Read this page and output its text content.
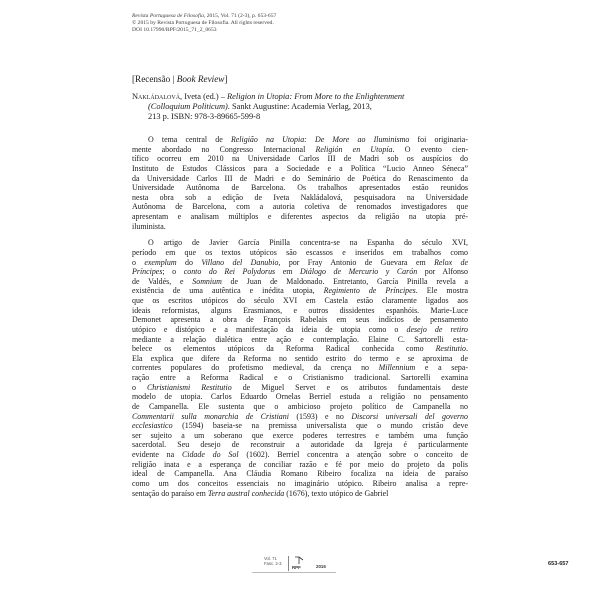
Revista Portuguesa de Filosofia, 2015, Vol. 71 (2-3), p. 653-657
© 2015 by Revista Portuguesa de Filosofia. All rights reserved.
DOI 10.17990/RPF/2015_71_2_0653
[Recensão | Book Review]
Nakládalová, Iveta (ed.) – Religion in Utopia: From More to the Enlightenment
(Colloquium Politicum). Sankt Augustine: Academia Verlag, 2013,
213 p. ISBN: 978-3-89665-599-8

O tema central de Religião na Utopia: De More ao Iluminismo foi originaria-
mente abordado no Congresso Internacional Religión en Utopía. O evento cien-
tífico ocorreu em 2010 na Universidade Carlos III de Madri sob os auspícios do
Instituto de Estudos Clássicos para a Sociedade e a Política “Lucio Anneo Séneca”
da Universidade Carlos III de Madri e do Seminário de Poética do Renascimento da
Universidade Autônoma de Barcelona. Os trabalhos apresentados estão reunidos
nesta obra sob a edição de Iveta Nakládalová, pesquisadora na Universidade
Autônoma de Barcelona, com a autoria coletiva de renomados investigadores que
apresentam e analisam múltiplos e diferentes aspectos da religião na utopia pré-
iluminista.

O artigo de Javier García Pinilla concentra-se na Espanha do século XVI,
período em que os textos utópicos são escassos e inseridos em trabalhos como
o exemplum do Villano del Danubio, por Fray Antonio de Guevara em Relox de
Príncipes; o conto do Rei Polydorus em Diálogo de Mercurio y Carón por Alfonso
de Valdés, e Somnium de Juan de Maldonado. Entretanto, García Pinilla revela a
existência de uma autêntica e inédita utopia, Regimiento de Príncipes. Ele mostra
que os escritos utópicos do século XVI em Castela estão claramente ligados aos
ideais reformistas, alguns Erasmianos, e outros dissidentes espanhóis. Marie-Luce
Demonet apresenta a obra de François Rabelais em seus indícios de pensamento
utópico e distópico e a manifestação da ideia de utopia como o desejo de retiro
mediante a relação dialética entre ação e contemplação. Elaine C. Sartorelli esta-
belece os elementos utópicos da Reforma Radical conhecida como Restitutio.
Ela explica que difere da Reforma no sentido estrito do termo e se aproxima de
correntes populares do profetismo medieval, da crença no Millennium e a sepa-
ração entre a Reforma Radical e o Cristianismo tradicional. Sartorelli examina
o Christianismi Restitutio de Miguel Servet e os atributos fundamentais deste
modelo de utopia. Carlos Eduardo Ornelas Berriel estuda a religião no pensamento
de Campanella. Ele sustenta que o ambicioso projeto político de Campanella no
Commentarii sulla monarchia de Cristiani (1593) e no Discorsi universali del governo
ecclesiastico (1594) baseia-se na premissa universalista que o mundo cristão deve
ser sujeito a um soberano que exerce poderes terrestres e também uma função
sacerdotal. Seu desejo de reconstruir a autoridade da Igreja é particularmente
evidente na Cidade do Sol (1602). Berriel concentra a atenção sobre o conceito de
religião inata e a esperança de conciliar razão e fé por meio do projeto da polis
ideal de Campanella. Ana Cláudia Romano Ribeiro focaliza na ideia de paraíso
como um dos conceitos essenciais no imaginário utópico. Ribeiro analisa a repre-
sentação do paraíso em Terra austral conhecida (1676), texto utópico de Gabriel

Vol. 71
Fasc. 2-3
RPF	2015	653-657
